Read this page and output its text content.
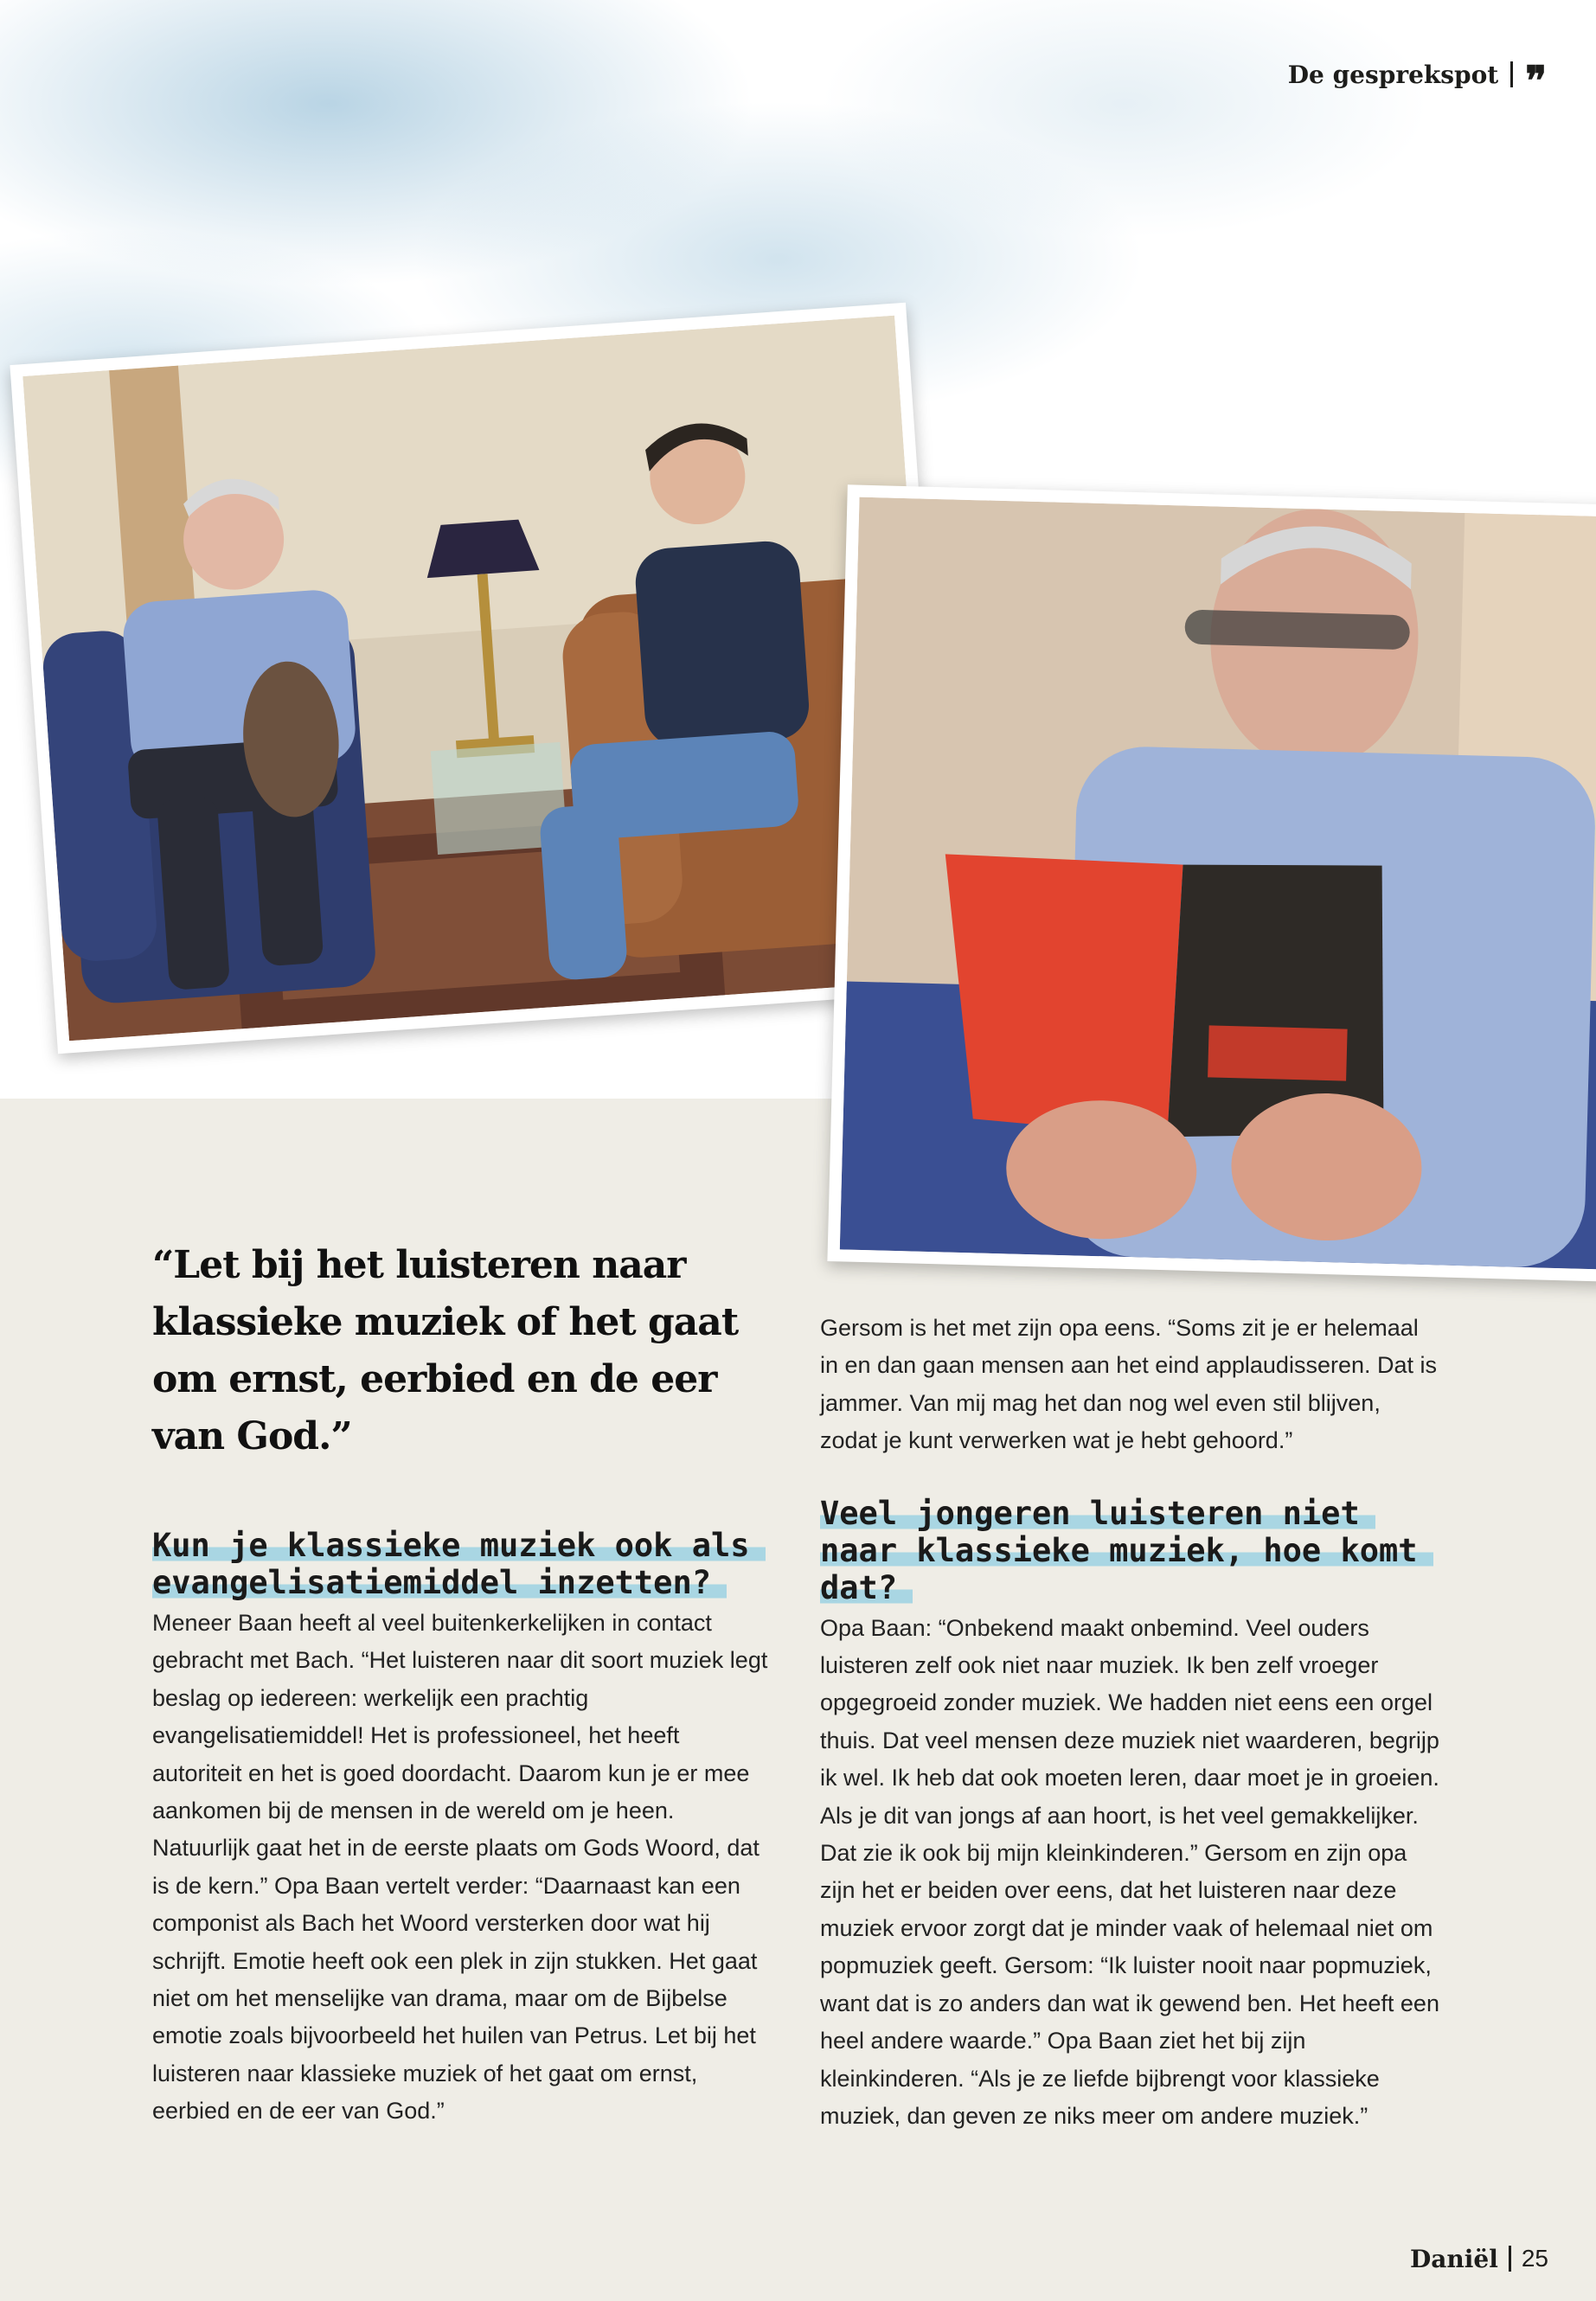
De gesprekspot ❞
“Let bij het luisteren naar klassieke muziek of het gaat om ernst, eerbied en de eer van God.”
Kun je klassieke muziek ook als evangelisatiemiddel inzetten?

Meneer Baan heeft al veel buitenkerkelijken in contact gebracht met Bach. “Het luisteren naar dit soort muziek legt beslag op iedereen: werkelijk een prachtig evangelisatiemiddel! Het is professioneel, het heeft autoriteit en het is goed doordacht. Daarom kun je er mee aankomen bij de mensen in de wereld om je heen. Natuurlijk gaat het in de eerste plaats om Gods Woord, dat is de kern.” Opa Baan vertelt verder: “Daarnaast kan een componist als Bach het Woord versterken door wat hij schrijft. Emotie heeft ook een plek in zijn stukken. Het gaat niet om het menselijke van drama, maar om de Bijbelse emotie zoals bijvoorbeeld het huilen van Petrus. Let bij het luisteren naar klassieke muziek of het gaat om ernst, eerbied en de eer van God.”

Gersom is het met zijn opa eens. “Soms zit je er helemaal in en dan gaan mensen aan het eind applaudisseren. Dat is jammer. Van mij mag het dan nog wel even stil blijven, zodat je kunt verwerken wat je hebt gehoord.”

Veel jongeren luisteren niet naar klassieke muziek, hoe komt dat?

Opa Baan: “Onbekend maakt onbemind. Veel ouders luisteren zelf ook niet naar muziek. Ik ben zelf vroeger opgegroeid zonder muziek. We hadden niet eens een orgel thuis. Dat veel mensen deze muziek niet waarderen, begrijp ik wel. Ik heb dat ook moeten leren, daar moet je in groeien. Als je dit van jongs af aan hoort, is het veel gemakkelijker. Dat zie ik ook bij mijn kleinkinderen.” Gersom en zijn opa zijn het er beiden over eens, dat het luisteren naar deze muziek ervoor zorgt dat je minder vaak of helemaal niet om popmuziek geeft. Gersom: “Ik luister nooit naar popmuziek, want dat is zo anders dan wat ik gewend ben. Het heeft een heel andere waarde.” Opa Baan ziet het bij zijn kleinkinderen. “Als je ze liefde bijbrengt voor klassieke muziek, dan geven ze niks meer om andere muziek.”

Daniël 25
